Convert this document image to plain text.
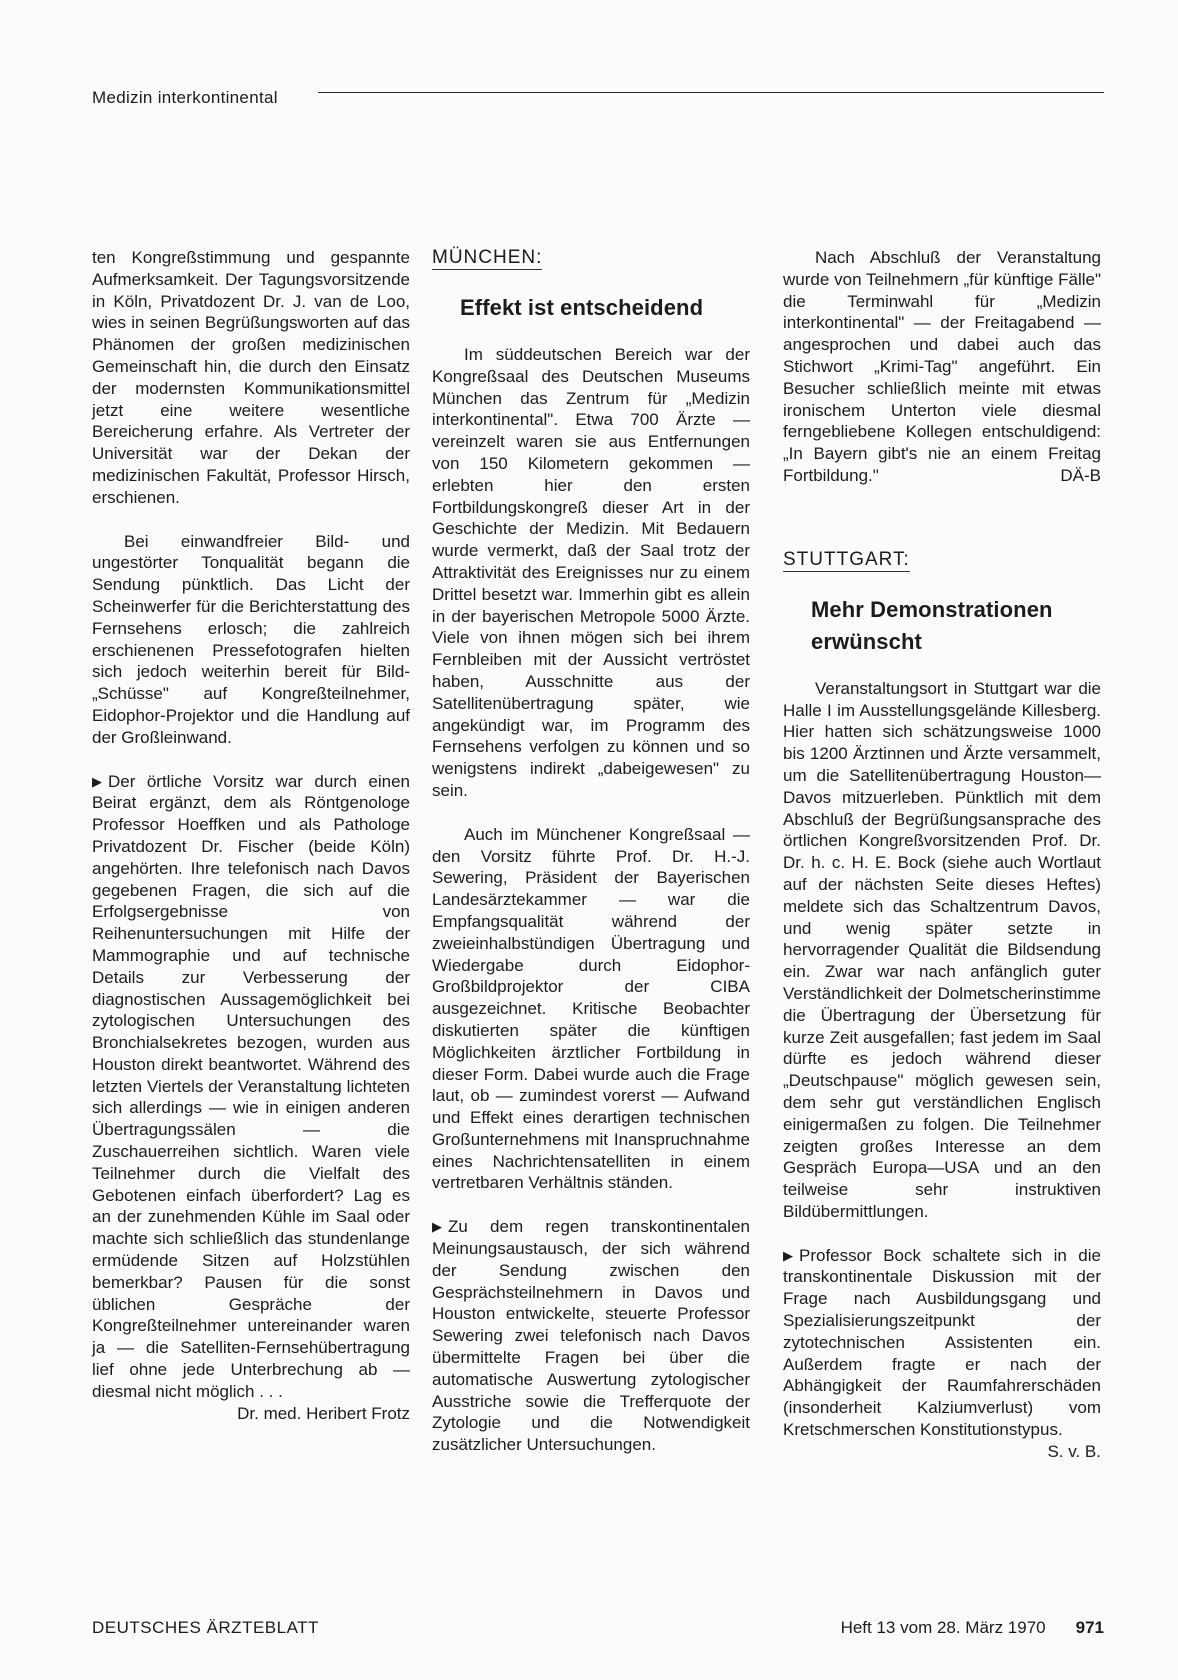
Medizin interkontinental

ten Kongreßstimmung und gespannte Aufmerksamkeit. Der Tagungsvorsitzende in Köln, Privatdozent Dr. J. van de Loo, wies in seinen Begrüßungsworten auf das Phänomen der großen medizinischen Gemeinschaft hin, die durch den Einsatz der modernsten Kommunikationsmittel jetzt eine weitere wesentliche Bereicherung erfahre. Als Vertreter der Universität war der Dekan der medizinischen Fakultät, Professor Hirsch, erschienen.

Bei einwandfreier Bild- und ungestörter Tonqualität begann die Sendung pünktlich. Das Licht der Scheinwerfer für die Berichterstattung des Fernsehens erlosch; die zahlreich erschienenen Pressefotografen hielten sich jedoch weiterhin bereit für Bild-„Schüsse" auf Kongreßteilnehmer, Eidophor-Projektor und die Handlung auf der Großleinwand.

▶Der örtliche Vorsitz war durch einen Beirat ergänzt, dem als Röntgenologe Professor Hoeffken und als Pathologe Privatdozent Dr. Fischer (beide Köln) angehörten. Ihre telefonisch nach Davos gegebenen Fragen, die sich auf die Erfolgsergebnisse von Reihenuntersuchungen mit Hilfe der Mammographie und auf technische Details zur Verbesserung der diagnostischen Aussagemöglichkeit bei zytologischen Untersuchungen des Bronchialsekretes bezogen, wurden aus Houston direkt beantwortet. Während des letzten Viertels der Veranstaltung lichteten sich allerdings — wie in einigen anderen Übertragungssälen — die Zuschauerreihen sichtlich. Waren viele Teilnehmer durch die Vielfalt des Gebotenen einfach überfordert? Lag es an der zunehmenden Kühle im Saal oder machte sich schließlich das stundenlange ermüdende Sitzen auf Holzstühlen bemerkbar? Pausen für die sonst üblichen Gespräche der Kongreßteilnehmer untereinander waren ja — die Satelliten-Fernsehübertragung lief ohne jede Unterbrechung ab — diesmal nicht möglich . . .

Dr. med. Heribert Frotz

MÜNCHEN:
Effekt ist entscheidend

Im süddeutschen Bereich war der Kongreßsaal des Deutschen Museums München das Zentrum für „Medizin interkontinental". Etwa 700 Ärzte — vereinzelt waren sie aus Entfernungen von 150 Kilometern gekommen — erlebten hier den ersten Fortbildungskongreß dieser Art in der Geschichte der Medizin. Mit Bedauern wurde vermerkt, daß der Saal trotz der Attraktivität des Ereignisses nur zu einem Drittel besetzt war. Immerhin gibt es allein in der bayerischen Metropole 5000 Ärzte. Viele von ihnen mögen sich bei ihrem Fernbleiben mit der Aussicht vertröstet haben, Ausschnitte aus der Satellitenübertragung später, wie angekündigt war, im Programm des Fernsehens verfolgen zu können und so wenigstens indirekt „dabeigewesen" zu sein.

Auch im Münchener Kongreßsaal — den Vorsitz führte Prof. Dr. H.-J. Sewering, Präsident der Bayerischen Landesärztekammer — war die Empfangsqualität während der zweieinhalbstündigen Übertragung und Wiedergabe durch Eidophor-Großbildprojektor der CIBA ausgezeichnet. Kritische Beobachter diskutierten später die künftigen Möglichkeiten ärztlicher Fortbildung in dieser Form. Dabei wurde auch die Frage laut, ob — zumindest vorerst — Aufwand und Effekt eines derartigen technischen Großunternehmens mit Inanspruchnahme eines Nachrichtensatelliten in einem vertretbaren Verhältnis ständen.

▶Zu dem regen transkontinentalen Meinungsaustausch, der sich während der Sendung zwischen den Gesprächsteilnehmern in Davos und Houston entwickelte, steuerte Professor Sewering zwei telefonisch nach Davos übermittelte Fragen bei über die automatische Auswertung zytologischer Ausstriche sowie die Trefferquote der Zytologie und die Notwendigkeit zusätzlicher Untersuchungen.

Nach Abschluß der Veranstaltung wurde von Teilnehmern „für künftige Fälle" die Terminwahl für „Medizin interkontinental" — der Freitagabend — angesprochen und dabei auch das Stichwort „Krimi-Tag" angeführt. Ein Besucher schließlich meinte mit etwas ironischem Unterton viele diesmal ferngebliebene Kollegen entschuldigend: „In Bayern gibt's nie an einem Freitag Fortbildung."	DÄ-B

STUTTGART:
Mehr Demonstrationen erwünscht

Veranstaltungsort in Stuttgart war die Halle I im Ausstellungsgelände Killesberg. Hier hatten sich schätzungsweise 1000 bis 1200 Ärztinnen und Ärzte versammelt, um die Satellitenübertragung Houston—Davos mitzuerleben. Pünktlich mit dem Abschluß der Begrüßungsansprache des örtlichen Kongreßvorsitzenden Prof. Dr. Dr. h. c. H. E. Bock (siehe auch Wortlaut auf der nächsten Seite dieses Heftes) meldete sich das Schaltzentrum Davos, und wenig später setzte in hervorragender Qualität die Bildsendung ein. Zwar war nach anfänglich guter Verständlichkeit der Dolmetscherinstimme die Übertragung der Übersetzung für kurze Zeit ausgefallen; fast jedem im Saal dürfte es jedoch während dieser „Deutschpause" möglich gewesen sein, dem sehr gut verständlichen Englisch einigermaßen zu folgen. Die Teilnehmer zeigten großes Interesse an dem Gespräch Europa—USA und an den teilweise sehr instruktiven Bildübermittlungen.

▶Professor Bock schaltete sich in die transkontinentale Diskussion mit der Frage nach Ausbildungsgang und Spezialisierungszeitpunkt der zytotechnischen Assistenten ein. Außerdem fragte er nach der Abhängigkeit der Raumfahrerschäden (insonderheit Kalziumverlust) vom Kretschmerschen Konstitutionstypus.

S. v. B.

DEUTSCHES ÄRZTEBLATT	Heft 13 vom 28. März 1970 971
